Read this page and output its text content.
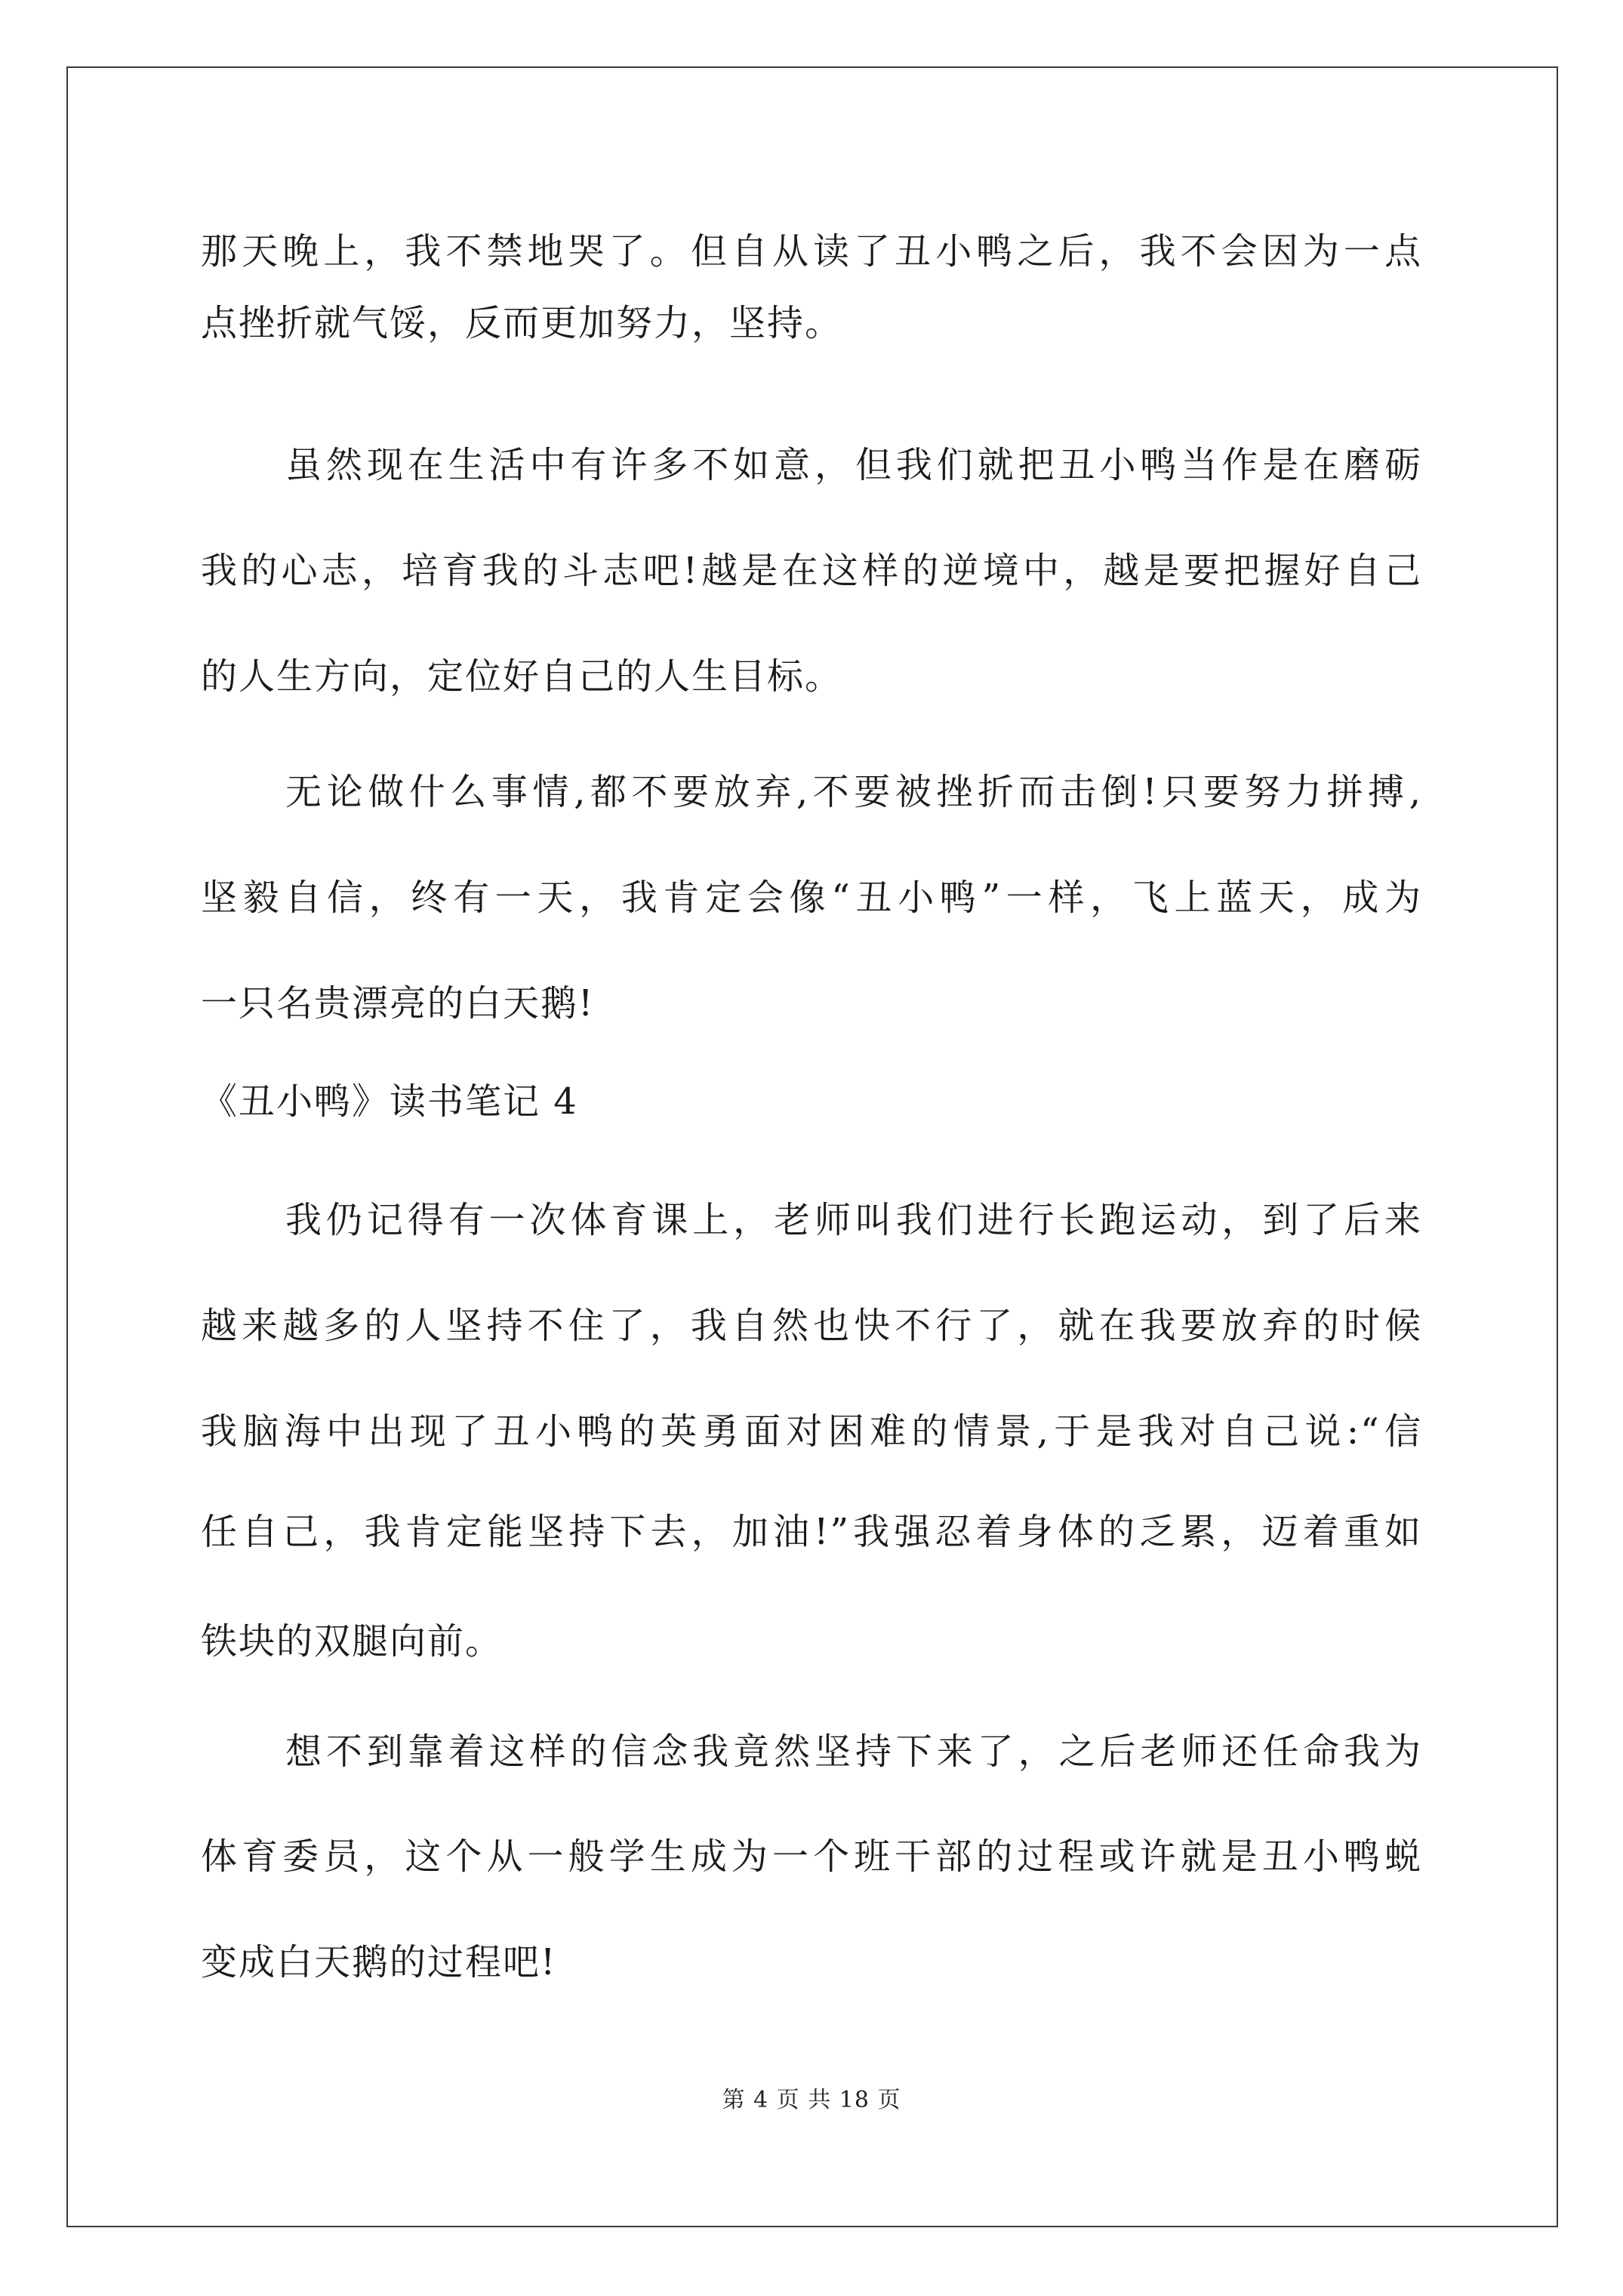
那天晚上，我不禁地哭了。但自从读了丑小鸭之后，我不会因为一点
点挫折就气馁，反而更加努力，坚持。
虽然现在生活中有许多不如意，但我们就把丑小鸭当作是在磨砺
我的心志，培育我的斗志吧!越是在这样的逆境中，越是要把握好自己
的人生方向，定位好自己的人生目标。
无论做什么事情,都不要放弃,不要被挫折而击倒!只要努力拼搏,
坚毅自信，终有一天，我肯定会像“丑小鸭”一样，飞上蓝天，成为
一只名贵漂亮的白天鹅!
《丑小鸭》读书笔记 4
我仍记得有一次体育课上，老师叫我们进行长跑运动，到了后来
越来越多的人坚持不住了，我自然也快不行了，就在我要放弃的时候
我脑海中出现了丑小鸭的英勇面对困难的情景,于是我对自己说:“信
任自己，我肯定能坚持下去，加油!”我强忍着身体的乏累，迈着重如
铁块的双腿向前。
想不到靠着这样的信念我竟然坚持下来了，之后老师还任命我为
体育委员，这个从一般学生成为一个班干部的过程或许就是丑小鸭蜕
变成白天鹅的过程吧!
第 4 页 共 18 页
